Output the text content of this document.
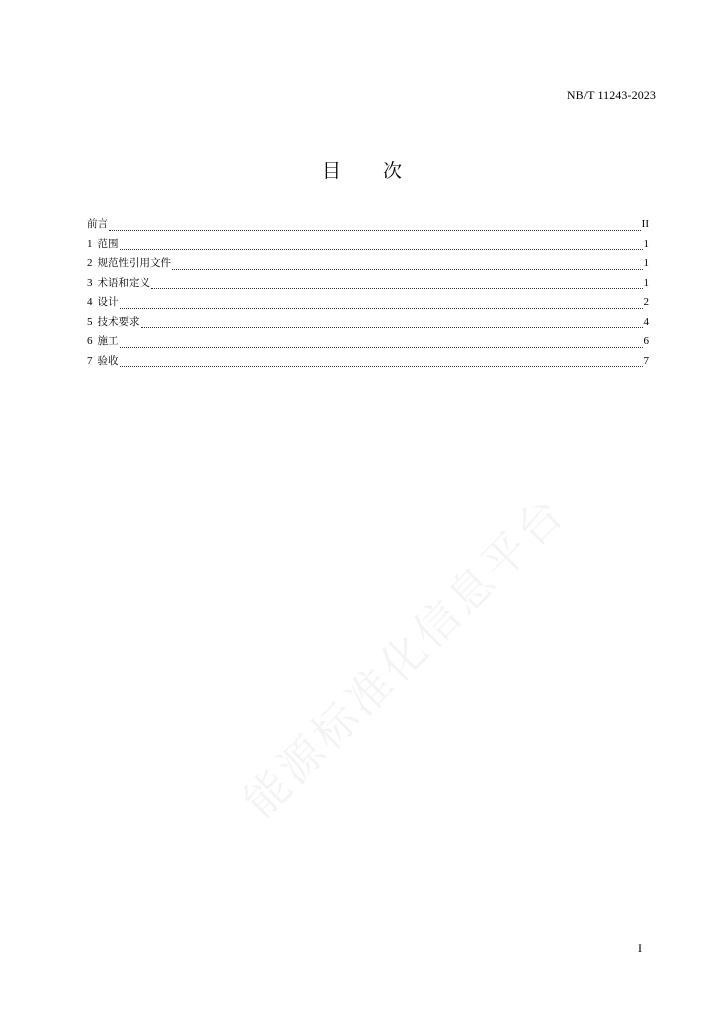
NB/T 11243-2023
目 次
前言	II
1 范围	1
2 规范性引用文件	1
3 术语和定义	1
4 设计	2
5 技术要求	4
6 施工	6
7 验收	7
I
